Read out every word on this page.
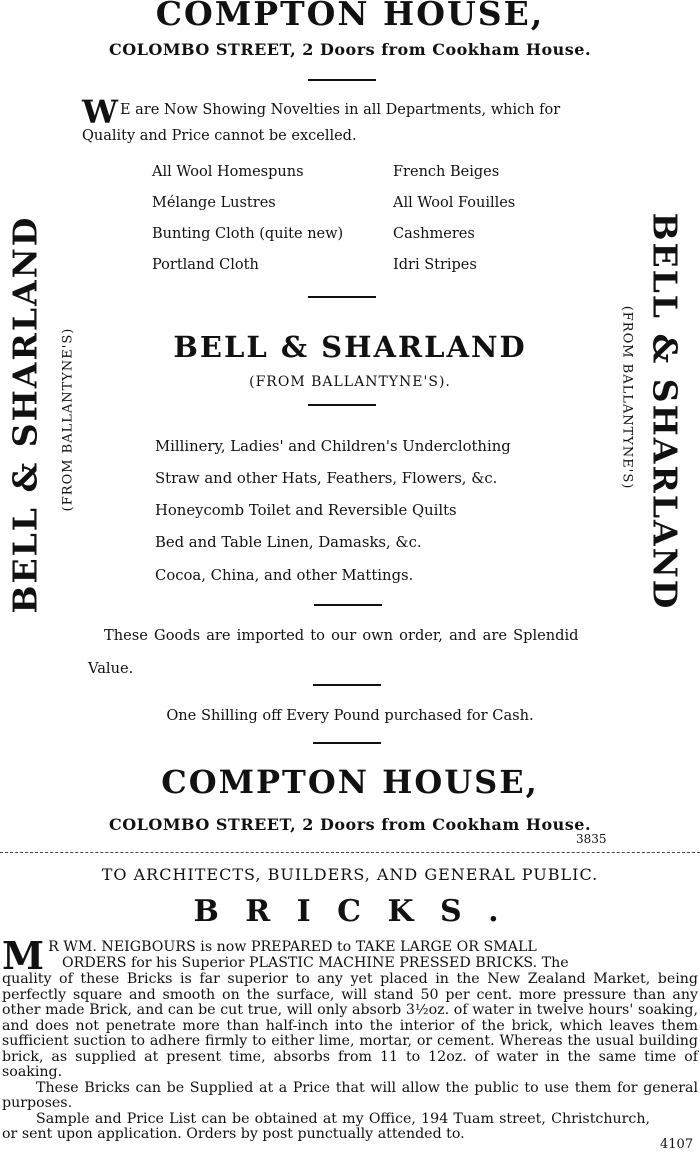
COMPTON HOUSE,
COLOMBO STREET, 2 Doors from Cookham House.
W E are Now Showing Novelties in all Departments, which for
Quality and Price cannot be excelled.
All Wool Homespuns
Mélange Lustres
Bunting Cloth (quite new)
Portland Cloth
French Beiges
All Wool Fouilles
Cashmeres
Idri Stripes
BELL & SHARLAND
(FROM BALLANTYNE'S).
Millinery, Ladies' and Children's Underclothing
Straw and other Hats, Feathers, Flowers, &c.
Honeycomb Toilet and Reversible Quilts
Bed and Table Linen, Damasks, &c.
Cocoa, China, and other Mattings.
These Goods are imported to our own order, and are Splendid
Value.
One Shilling off Every Pound purchased for Cash.
COMPTON HOUSE,
COLOMBO STREET, 2 Doors from Cookham House.
3835
BELL & SHARLAND (FROM BALLANTYNE'S)	BELL & SHARLAND
(FROM BALLANTYNE'S)
TO ARCHITECTS, BUILDERS, AND GENERAL PUBLIC.
B R I C K S .
M R WM. NEIGBOURS is now PREPARED to TAKE LARGE OR SMALL
ORDERS for his Superior PLASTIC MACHINE PRESSED BRICKS. The
quality of these Bricks is far superior to any yet placed in the New Zealand Market, being perfectly square and smooth on the surface, will stand 50 per cent. more pressure than any other made Brick, and can be cut true, will only absorb 3½oz. of water in twelve hours' soaking, and does not penetrate more than half-inch into the interior of the brick, which leaves them sufficient suction to adhere firmly to either lime, mortar, or cement. Whereas the usual building brick, as supplied at present time, absorbs from 11 to 12oz. of water in the same time of soaking.
These Bricks can be Supplied at a Price that will allow the public to use them for general purposes.
Sample and Price List can be obtained at my Office, 194 Tuam street, Christchurch, or sent upon application. Orders by post punctually attended to.
4107
